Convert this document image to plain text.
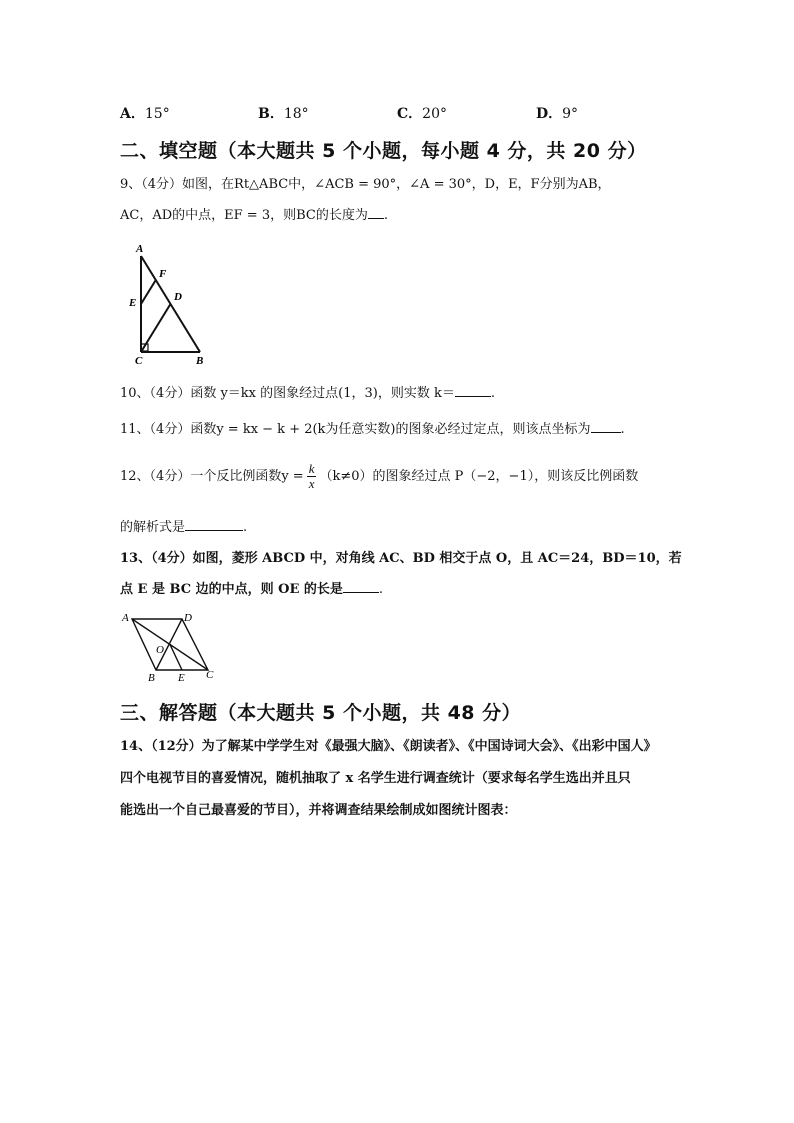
A．15°	B．18°	C．20°	D．9°
二、填空题（本大题共 5 个小题，每小题 4 分，共 20 分）
9、（4分）如图，在Rt△ABC中，∠ACB = 90°，∠A = 30°，D，E，F分别为AB，
AC，AD的中点，EF = 3，则BC的长度为 .
A
F
D
E
C	B
10、（4分）函数 y＝kx 的图象经过点(1，3)，则实数 k＝	.
11、（4分）函数y = kx − k + 2(k为任意实数)的图象必经过定点，则该点坐标为 .
12、（4分）一个反比例函数$y = \frac{k}{x} (k\ne 0)$的图象经过点 P（−2，−1），则该反比例函数
的解析式是	.
13、（4分）如图，菱形 ABCD 中，对角线 AC、BD 相交于点 O，且 AC＝24，BD＝10，若
点 E 是 BC 边的中点，则 OE 的长是	.
A	D
O
B E C
三、解答题（本大题共 5 个小题，共 48 分）
14、（12分）为了解某中学学生对《最强大脑》、《朗读者》、《中国诗词大会》、《出彩中国人》
四个电视节目的喜爱情况，随机抽取了 x 名学生进行调查统计（要求每名学生选出并且只
能选出一个自己最喜爱的节目），并将调查结果绘制成如图统计图表：
